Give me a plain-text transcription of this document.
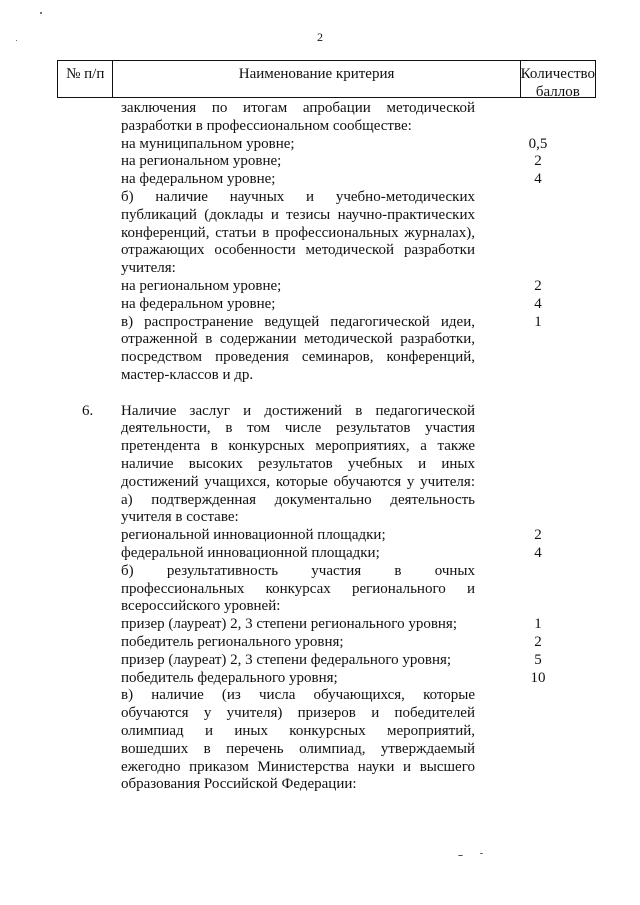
2
№ п/п	Наименование критерия	Количество
баллов
заключения по итогам апробации методической
разработки в профессиональном сообществе:
на муниципальном уровне;	0,5
на региональном уровне;	2
на федеральном уровне;	4
б) наличие научных и учебно-методических
публикаций (доклады и тезисы научно-практических
конференций, статьи в профессиональных журналах),
отражающих особенности методической разработки
учителя:
на региональном уровне;	2
на федеральном уровне;	4
в) распространение ведущей педагогической идеи,	1
отраженной в содержании методической разработки,
посредством проведения семинаров, конференций,
мастер-классов и др.
6.	Наличие заслуг и достижений в педагогической
деятельности, в том числе результатов участия
претендента в конкурсных мероприятиях, а также
наличие высоких результатов учебных и иных
достижений учащихся, которые обучаются у учителя:
а) подтвержденная документально деятельность
учителя в составе:
региональной инновационной площадки;	2
федеральной инновационной площадки;	4
б) результативность участия в очных
профессиональных конкурсах регионального и
всероссийского уровней:
призер (лауреат) 2, 3 степени регионального уровня;	1
победитель регионального уровня;	2
призер (лауреат) 2, 3 степени федерального уровня;	5
победитель федерального уровня;	10
в) наличие (из числа обучающихся, которые
обучаются у учителя) призеров и победителей
олимпиад и иных конкурсных мероприятий,
вошедших в перечень олимпиад, утверждаемый
ежегодно приказом Министерства науки и высшего
образования Российской Федерации:
